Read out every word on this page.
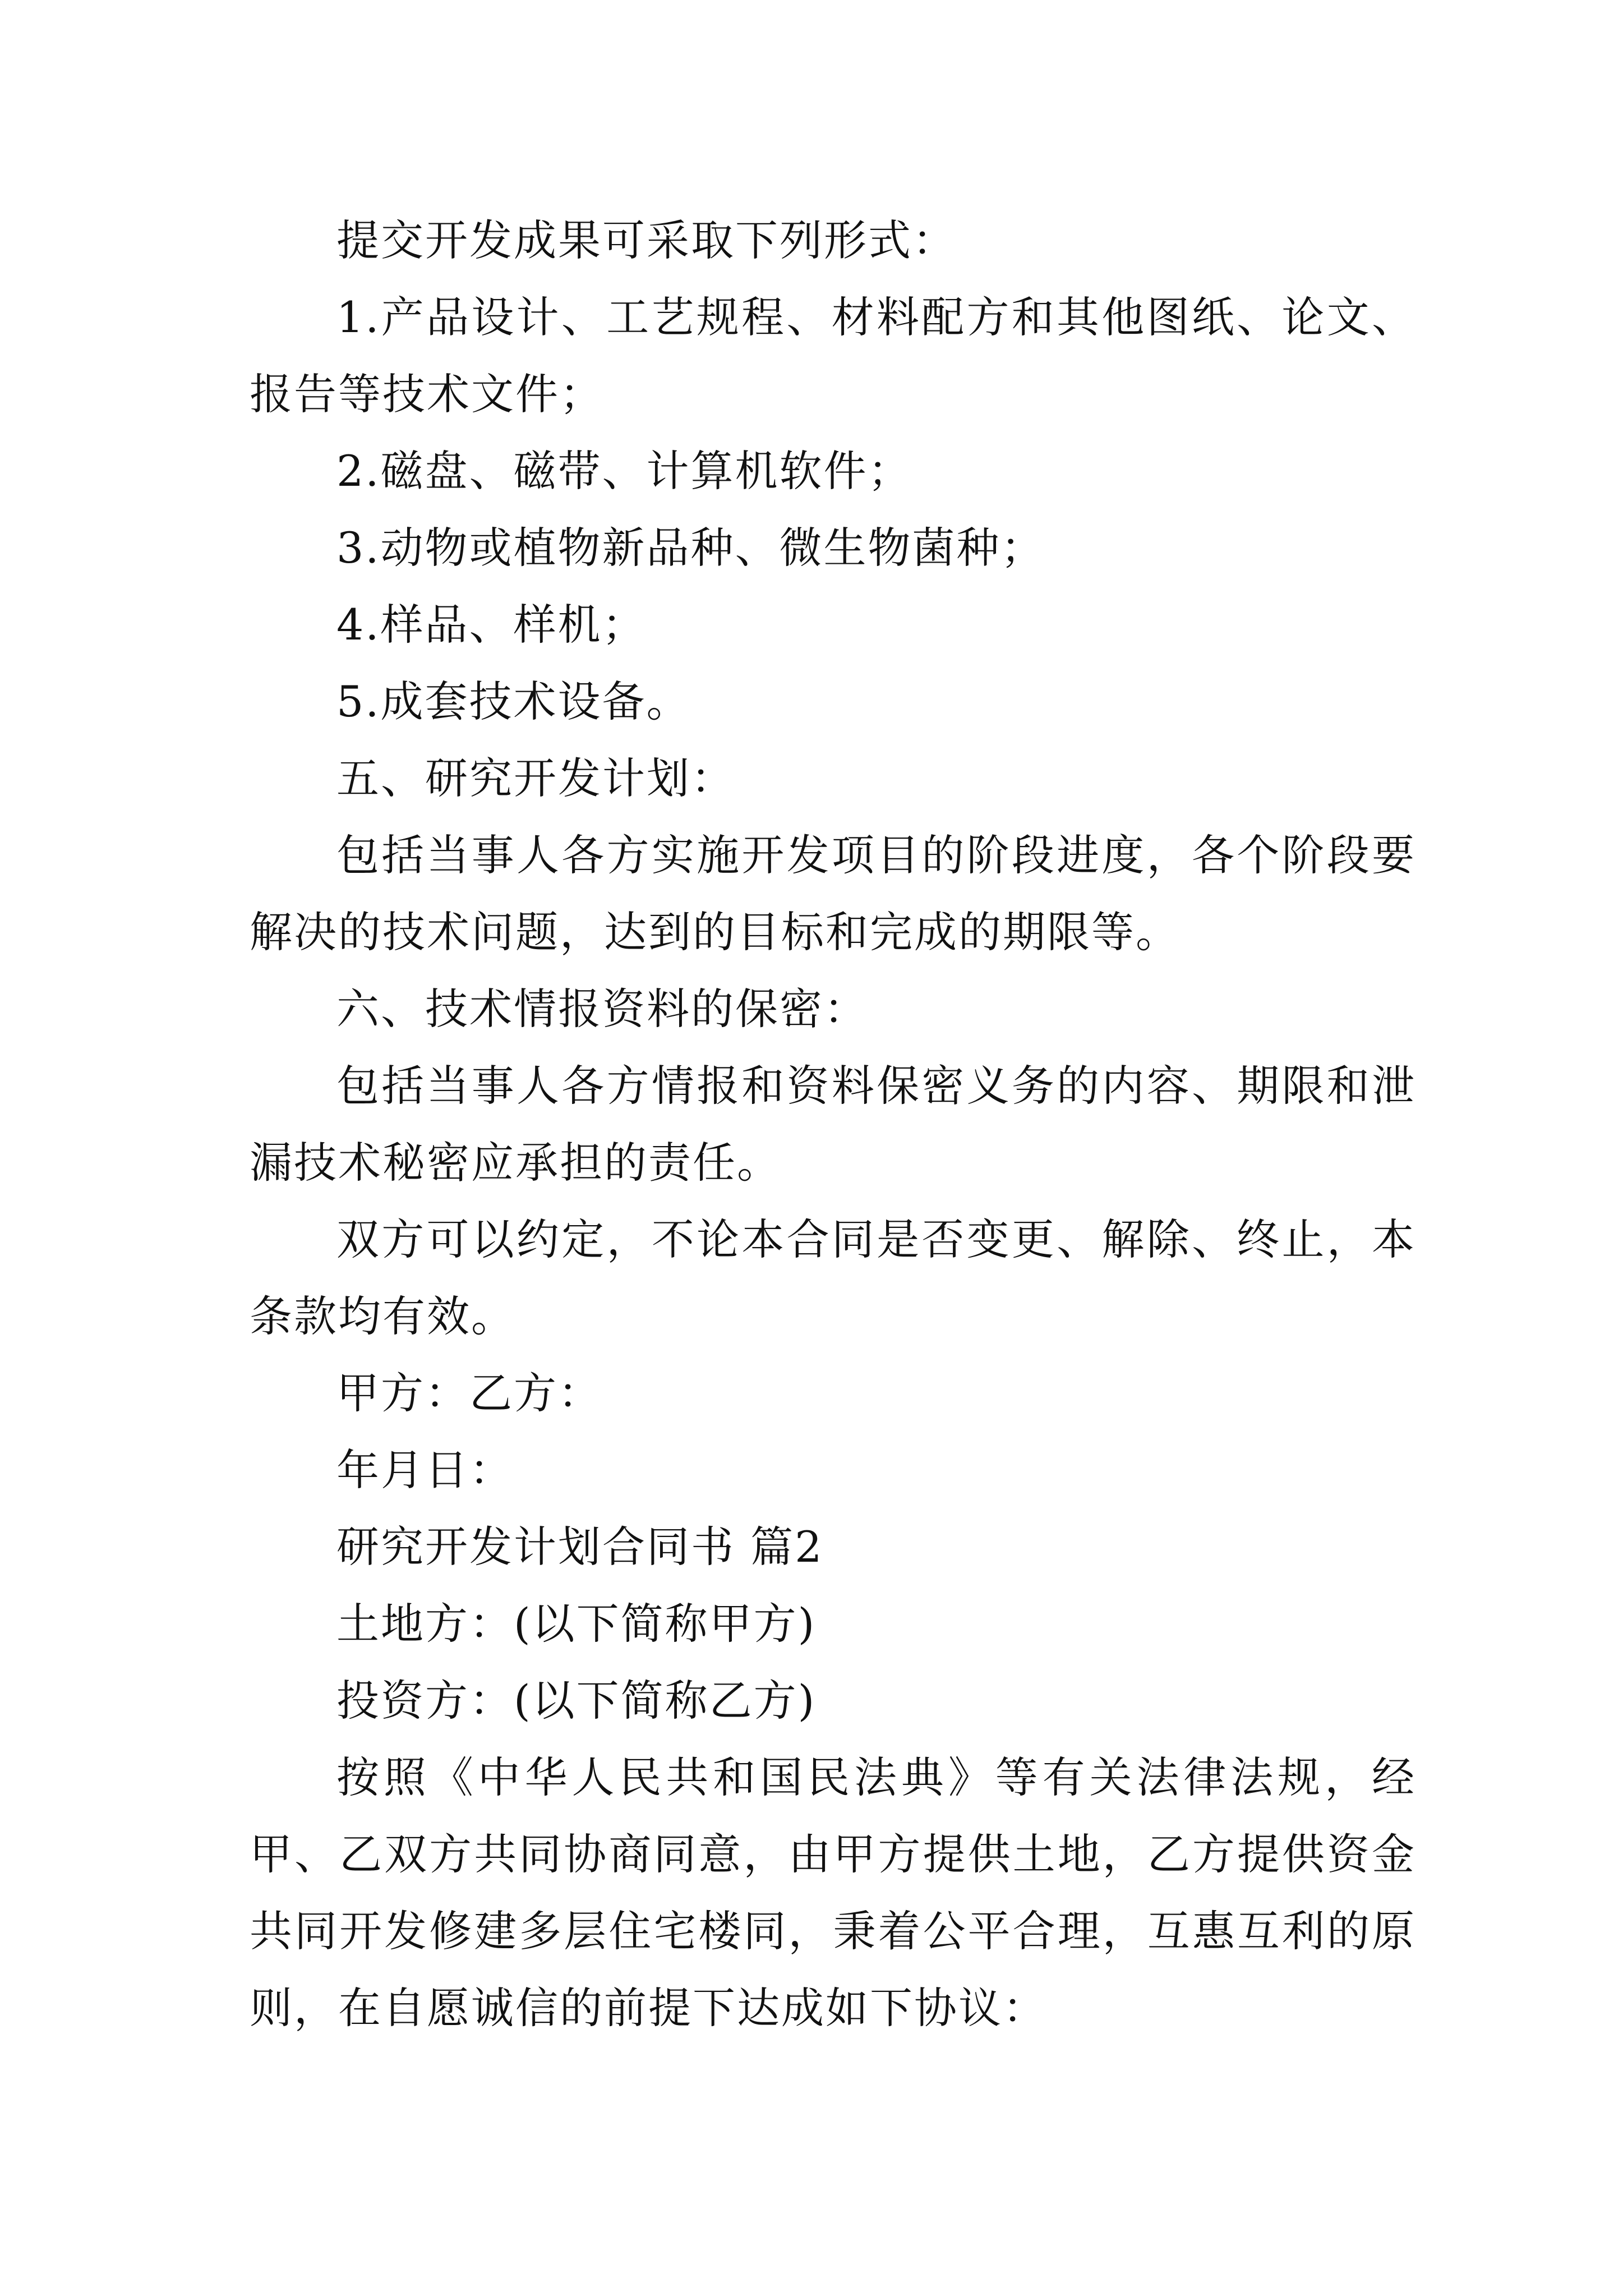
提交开发成果可采取下列形式：

1.产品设计、工艺规程、材料配方和其他图纸、论文、报告等技术文件；

2.磁盘、磁带、计算机软件；

3.动物或植物新品种、微生物菌种；

4.样品、样机；

5.成套技术设备。

五、研究开发计划：

包括当事人各方实施开发项目的阶段进度，各个阶段要解决的技术问题，达到的目标和完成的期限等。

六、技术情报资料的保密：

包括当事人各方情报和资料保密义务的内容、期限和泄漏技术秘密应承担的责任。

双方可以约定，不论本合同是否变更、解除、终止，本条款均有效。

甲方：乙方：

年月日：

研究开发计划合同书 篇2

土地方：(以下简称甲方)

投资方：(以下简称乙方)

按照《中华人民共和国民法典》等有关法律法规，经甲、乙双方共同协商同意，由甲方提供土地，乙方提供资金共同开发修建多层住宅楼同，秉着公平合理，互惠互利的原则，在自愿诚信的前提下达成如下协议：
